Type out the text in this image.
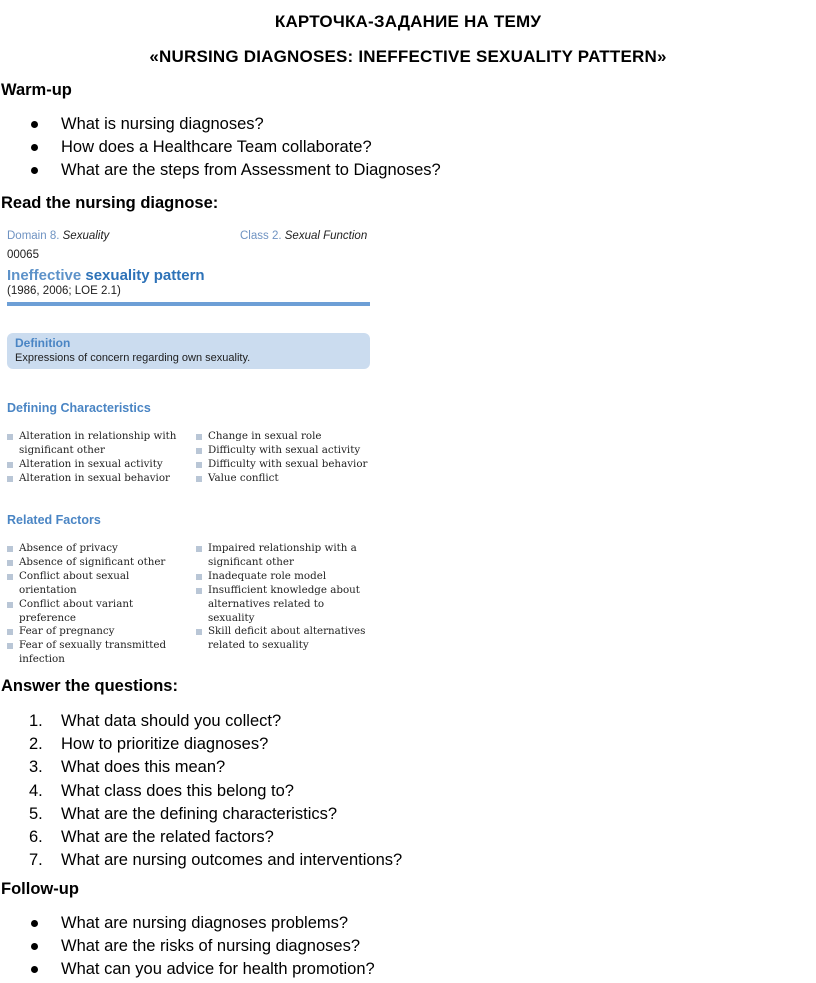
КАРТОЧКА-ЗАДАНИЕ НА ТЕМУ
«NURSING DIAGNOSES: INEFFECTIVE SEXUALITY PATTERN»
Warm-up
What is nursing diagnoses?
How does a Healthcare Team collaborate?
What are the steps from Assessment to Diagnoses?
Read the nursing diagnose:
Domain 8. Sexuality	Class 2. Sexual Function
00065
Ineffective sexuality pattern
(1986, 2006; LOE 2.1)
Definition
Expressions of concern regarding own sexuality.
Defining Characteristics
Alteration in relationship with significant other
Alteration in sexual activity
Alteration in sexual behavior
Change in sexual role
Difficulty with sexual activity
Difficulty with sexual behavior
Value conflict
Related Factors
Absence of privacy
Absence of significant other
Conflict about sexual orientation
Conflict about variant preference
Fear of pregnancy
Fear of sexually transmitted infection
Impaired relationship with a significant other
Inadequate role model
Insufficient knowledge about alternatives related to sexuality
Skill deficit about alternatives related to sexuality
Answer the questions:
1. What data should you collect?
2. How to prioritize diagnoses?
3. What does this mean?
4. What class does this belong to?
5. What are the defining characteristics?
6. What are the related factors?
7. What are nursing outcomes and interventions?
Follow-up
What are nursing diagnoses problems?
What are the risks of nursing diagnoses?
What can you advice for health promotion?
